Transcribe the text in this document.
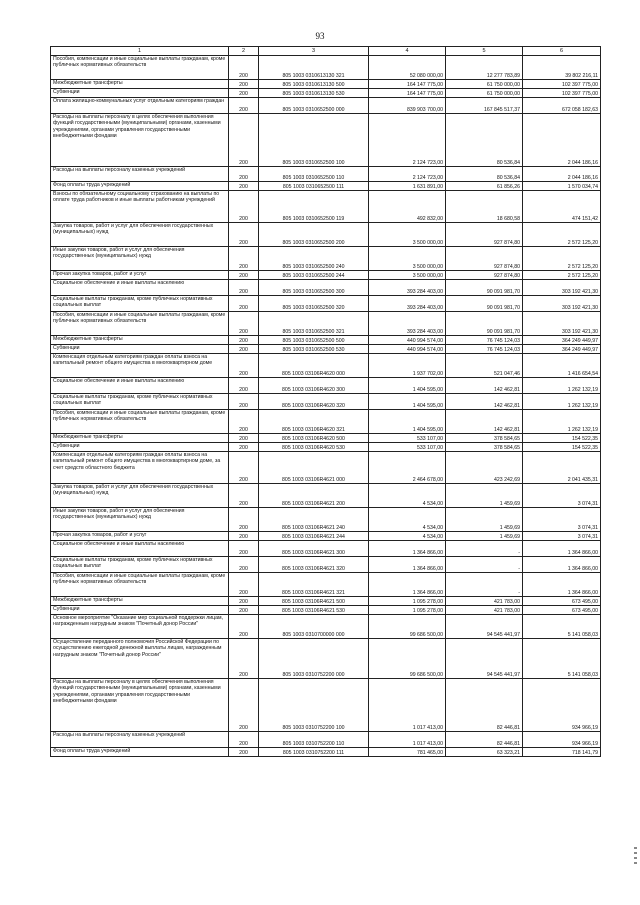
93
1	2	3	4	5	6
Пособия, компенсации и иные социальные выплаты гражданам, кроме публичных нормативных обязательств	200	805 1003 0310613130 321	52 080 000,00	12 277 783,89	39 802 216,11
Межбюджетные трансферты	200	805 1003 0310613130 500	164 147 775,00	61 750 000,00	102 397 775,00
Субвенции	200	805 1003 0310613130 530	164 147 775,00	61 750 000,00	102 397 775,00
Оплата жилищно-коммунальных услуг отдельным категориям граждан	200	805 1003 0310652500 000	839 903 700,00	167 845 517,37	672 058 182,63
Расходы на выплаты персоналу в целях обеспечения выполнения функций государственными (муниципальными) органами, казенными учреждениями, органами управления государственными внебюджетными фондами	200	805 1003 0310652500 100	2 124 723,00	80 536,84	2 044 186,16
Расходы на выплаты персоналу казенных учреждений	200	805 1003 0310652500 110	2 124 723,00	80 536,84	2 044 186,16
Фонд оплаты труда учреждений	200	805 1003 0310652500 111	1 631 891,00	61 856,26	1 570 034,74
Взносы по обязательному социальному страхованию на выплаты по оплате труда работников и иные выплаты работникам учреждений	200	805 1003 0310652500 119	492 832,00	18 680,58	474 151,42
Закупка товаров, работ и услуг для обеспечения государственных (муниципальных) нужд	200	805 1003 0310652500 200	3 500 000,00	927 874,80	2 572 125,20
Иные закупки товаров, работ и услуг для обеспечения государственных (муниципальных) нужд	200	805 1003 0310652500 240	3 500 000,00	927 874,80	2 572 125,20
Прочая закупка товаров, работ и услуг	200	805 1003 0310652500 244	3 500 000,00	927 874,80	2 572 125,20
Социальное обеспечение и иные выплаты населению	200	805 1003 0310652500 300	393 284 403,00	90 091 981,70	303 192 421,30
Социальные выплаты гражданам, кроме публичных нормативных социальных выплат	200	805 1003 0310652500 320	393 284 403,00	90 091 981,70	303 192 421,30
Пособия, компенсации и иные социальные выплаты гражданам, кроме публичных нормативных обязательств	200	805 1003 0310652500 321	393 284 403,00	90 091 981,70	303 192 421,30
Межбюджетные трансферты	200	805 1003 0310652500 500	440 994 574,00	76 745 124,03	364 249 449,97
Субвенции	200	805 1003 0310652500 530	440 994 574,00	76 745 124,03	364 249 449,97
Компенсация отдельным категориям граждан оплаты взноса на капитальный ремонт общего имущества в многоквартирном доме	200	805 1003 03106R4620 000	1 937 702,00	521 047,46	1 416 654,54
Социальное обеспечение и иные выплаты населению	200	805 1003 03106R4620 300	1 404 595,00	142 462,81	1 262 132,19
Социальные выплаты гражданам, кроме публичных нормативных социальных выплат	200	805 1003 03106R4620 320	1 404 595,00	142 462,81	1 262 132,19
Пособия, компенсации и иные социальные выплаты гражданам, кроме публичных нормативных обязательств	200	805 1003 03106R4620 321	1 404 595,00	142 462,81	1 262 132,19
Межбюджетные трансферты	200	805 1003 03106R4620 500	533 107,00	378 584,65	154 522,35
Субвенции	200	805 1003 03106R4620 530	533 107,00	378 584,65	154 522,35
Компенсация отдельным категориям граждан оплаты взноса на капитальный ремонт общего имущества в многоквартирном доме, за счет средств областного бюджета	200	805 1003 03106R4621 000	2 464 678,00	423 242,69	2 041 435,31
Закупка товаров, работ и услуг для обеспечения государственных (муниципальных) нужд	200	805 1003 03106R4621 200	4 534,00	1 459,69	3 074,31
Иные закупки товаров, работ и услуг для обеспечения государственных (муниципальных) нужд	200	805 1003 03106R4621 240	4 534,00	1 459,69	3 074,31
Прочая закупка товаров, работ и услуг	200	805 1003 03106R4621 244	4 534,00	1 459,69	3 074,31
Социальное обеспечение и иные выплаты населению	200	805 1003 03106R4621 300	1 364 866,00	-	1 364 866,00
Социальные выплаты гражданам, кроме публичных нормативных социальных выплат	200	805 1003 03106R4621 320	1 364 866,00	-	1 364 866,00
Пособия, компенсации и иные социальные выплаты гражданам, кроме публичных нормативных обязательств	200	805 1003 03106R4621 321	1 364 866,00	-	1 364 866,00
Межбюджетные трансферты	200	805 1003 03106R4621 500	1 095 278,00	421 783,00	673 495,00
Субвенции	200	805 1003 03106R4621 530	1 095 278,00	421 783,00	673 495,00
Основное мероприятие "Оказание мер социальной поддержки лицам, награжденным нагрудным знаком "Почетный донор России"	200	805 1003 0310700000 000	99 686 500,00	94 545 441,97	5 141 058,03
Осуществление переданного полномочия Российской Федерации по осуществлению ежегодной денежной выплаты лицам, награжденным нагрудным знаком "Почетный донор России"	200	805 1003 0310752200 000	99 686 500,00	94 545 441,97	5 141 058,03
Расходы на выплаты персоналу в целях обеспечения выполнения функций государственными (муниципальными) органами, казенными учреждениями, органами управления государственными внебюджетными фондами	200	805 1003 0310752200 100	1 017 413,00	82 446,81	934 966,19
Расходы на выплаты персоналу казенных учреждений	200	805 1003 0310752200 110	1 017 413,00	82 446,81	934 966,19
Фонд оплаты труда учреждений	200	805 1003 0310752200 111	781 465,00	63 323,21	718 141,79
